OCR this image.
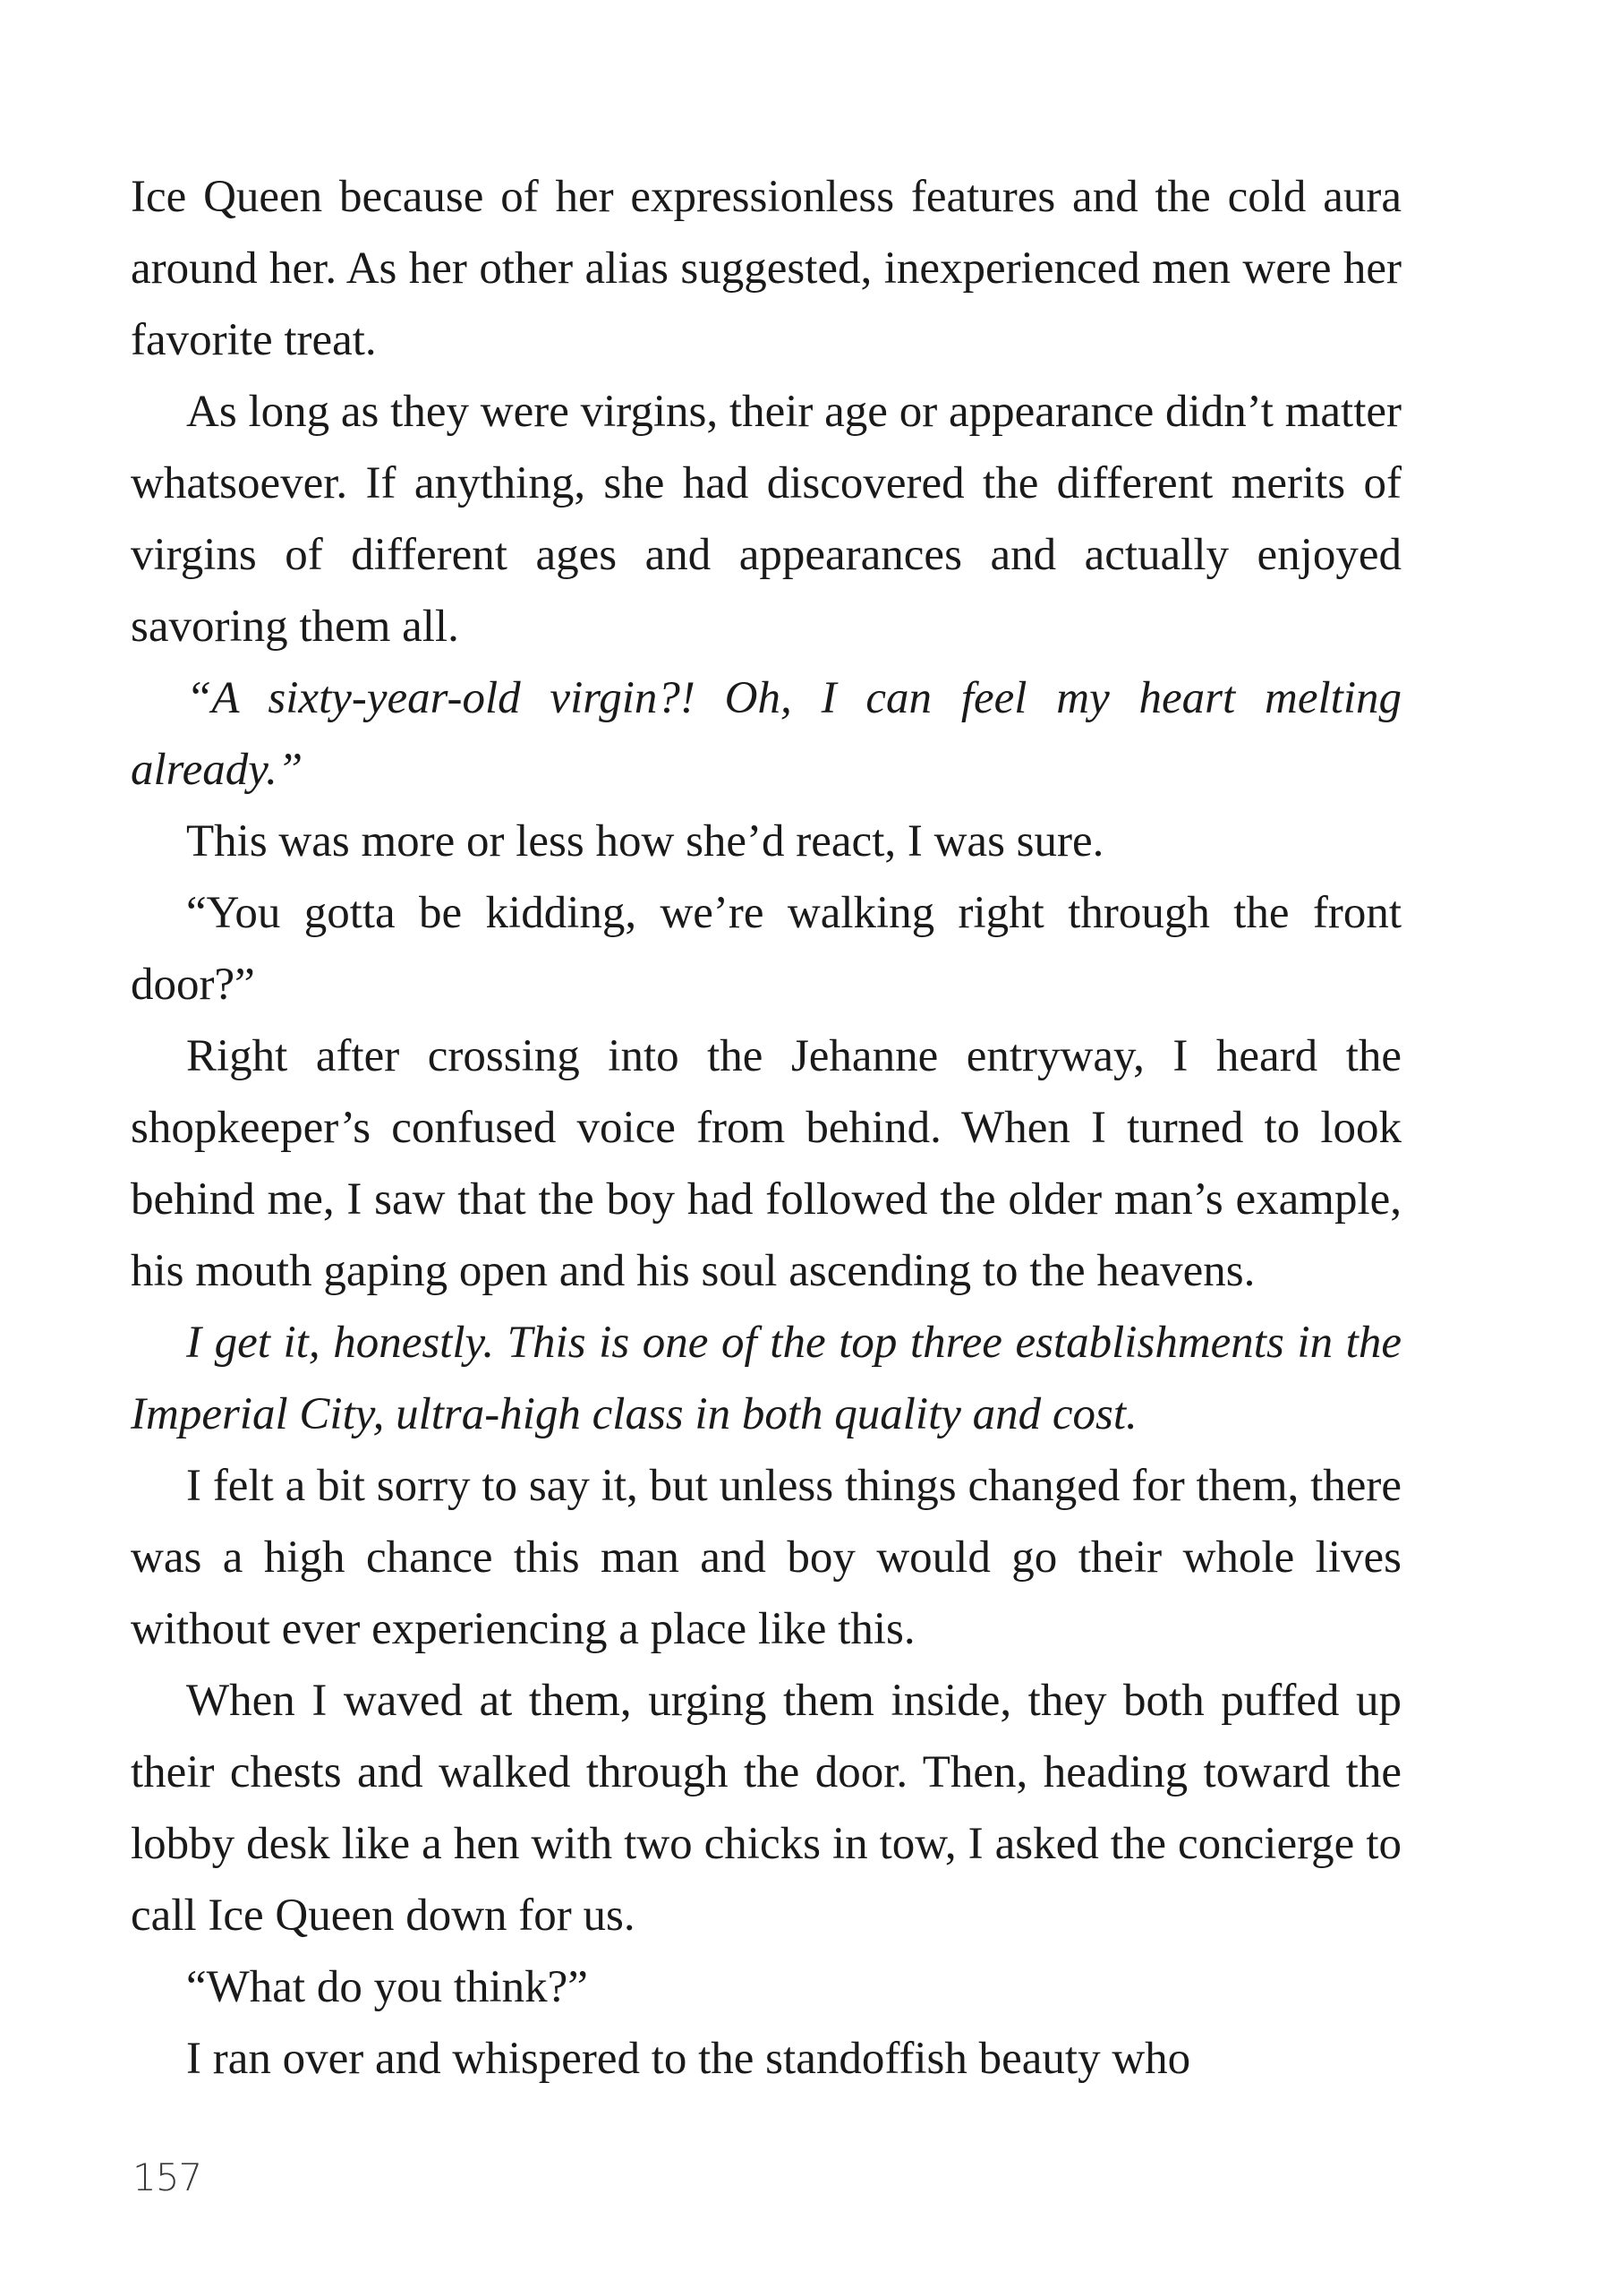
Ice Queen because of her expressionless features and the cold aura around her. As her other alias suggested, inexperienced men were her favorite treat.

As long as they were virgins, their age or appearance didn’t matter whatsoever. If anything, she had discovered the different merits of virgins of different ages and appearances and actually enjoyed savoring them all.

“A sixty-year-old virgin?! Oh, I can feel my heart melting already.”

This was more or less how she’d react, I was sure.

“You gotta be kidding, we’re walking right through the front door?”

Right after crossing into the Jehanne entryway, I heard the shopkeeper’s confused voice from behind. When I turned to look behind me, I saw that the boy had followed the older man’s example, his mouth gaping open and his soul ascending to the heavens.

I get it, honestly. This is one of the top three establishments in the Imperial City, ultra-high class in both quality and cost.

I felt a bit sorry to say it, but unless things changed for them, there was a high chance this man and boy would go their whole lives without ever experiencing a place like this.

When I waved at them, urging them inside, they both puffed up their chests and walked through the door. Then, heading toward the lobby desk like a hen with two chicks in tow, I asked the concierge to call Ice Queen down for us.

“What do you think?”

I ran over and whispered to the standoffish beauty who

157
